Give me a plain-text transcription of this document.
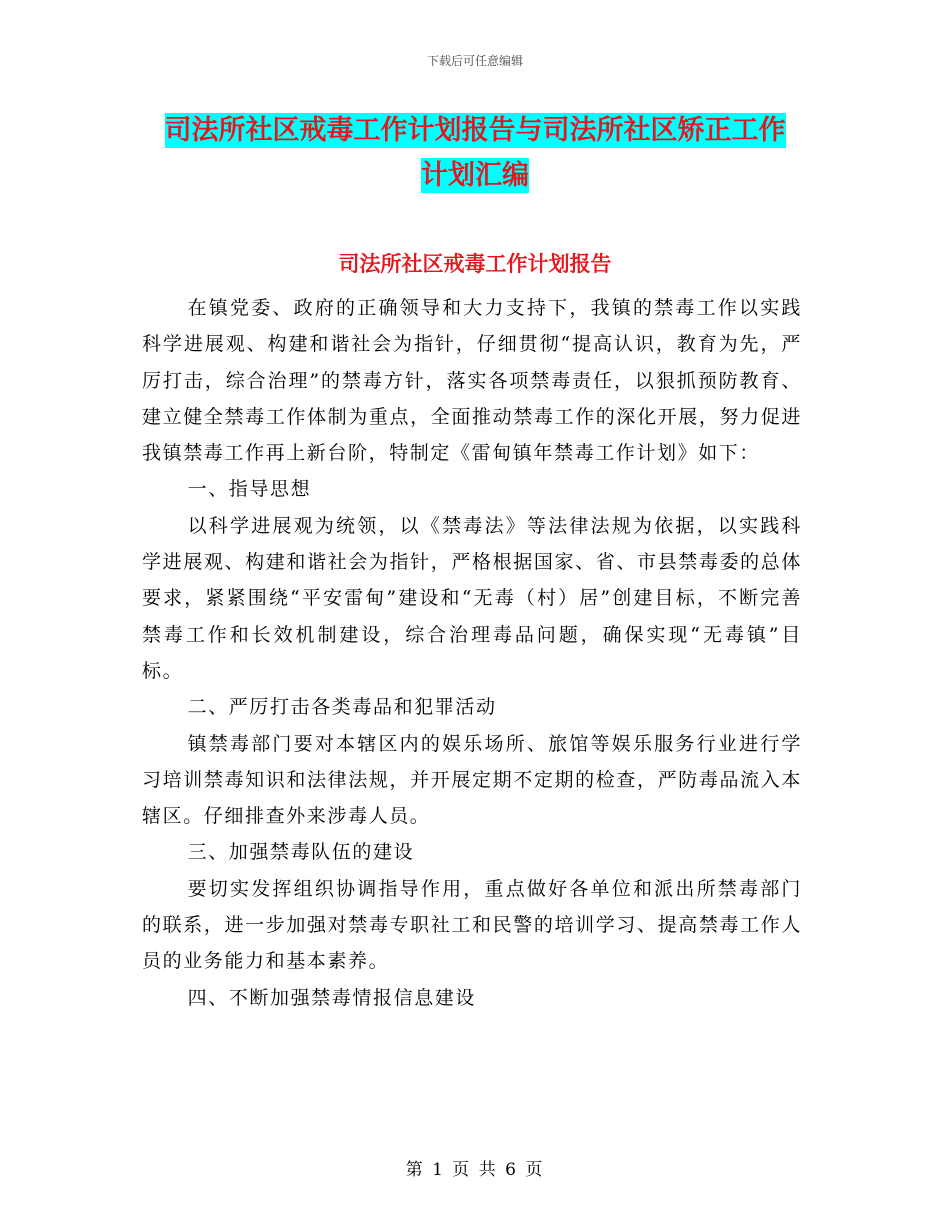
下载后可任意编辑
司法所社区戒毒工作计划报告与司法所社区矫正工作
计划汇编
司法所社区戒毒工作计划报告

在镇党委、政府的正确领导和大力支持下，我镇的禁毒工作以实践科学进展观、构建和谐社会为指针，仔细贯彻“提高认识，教育为先，严厉打击，综合治理”的禁毒方针，落实各项禁毒责任，以狠抓预防教育、建立健全禁毒工作体制为重点，全面推动禁毒工作的深化开展，努力促进我镇禁毒工作再上新台阶，特制定《雷甸镇年禁毒工作计划》如下：

一、指导思想

以科学进展观为统领，以《禁毒法》等法律法规为依据，以实践科学进展观、构建和谐社会为指针，严格根据国家、省、市县禁毒委的总体要求，紧紧围绕“平安雷甸”建设和“无毒（村）居”创建目标，不断完善禁毒工作和长效机制建设，综合治理毒品问题，确保实现“无毒镇”目标。

二、严厉打击各类毒品和犯罪活动

镇禁毒部门要对本辖区内的娱乐场所、旅馆等娱乐服务行业进行学习培训禁毒知识和法律法规，并开展定期不定期的检查，严防毒品流入本辖区。仔细排查外来涉毒人员。

三、加强禁毒队伍的建设

要切实发挥组织协调指导作用，重点做好各单位和派出所禁毒部门的联系，进一步加强对禁毒专职社工和民警的培训学习、提高禁毒工作人员的业务能力和基本素养。

四、不断加强禁毒情报信息建设

第 1 页 共 6 页
